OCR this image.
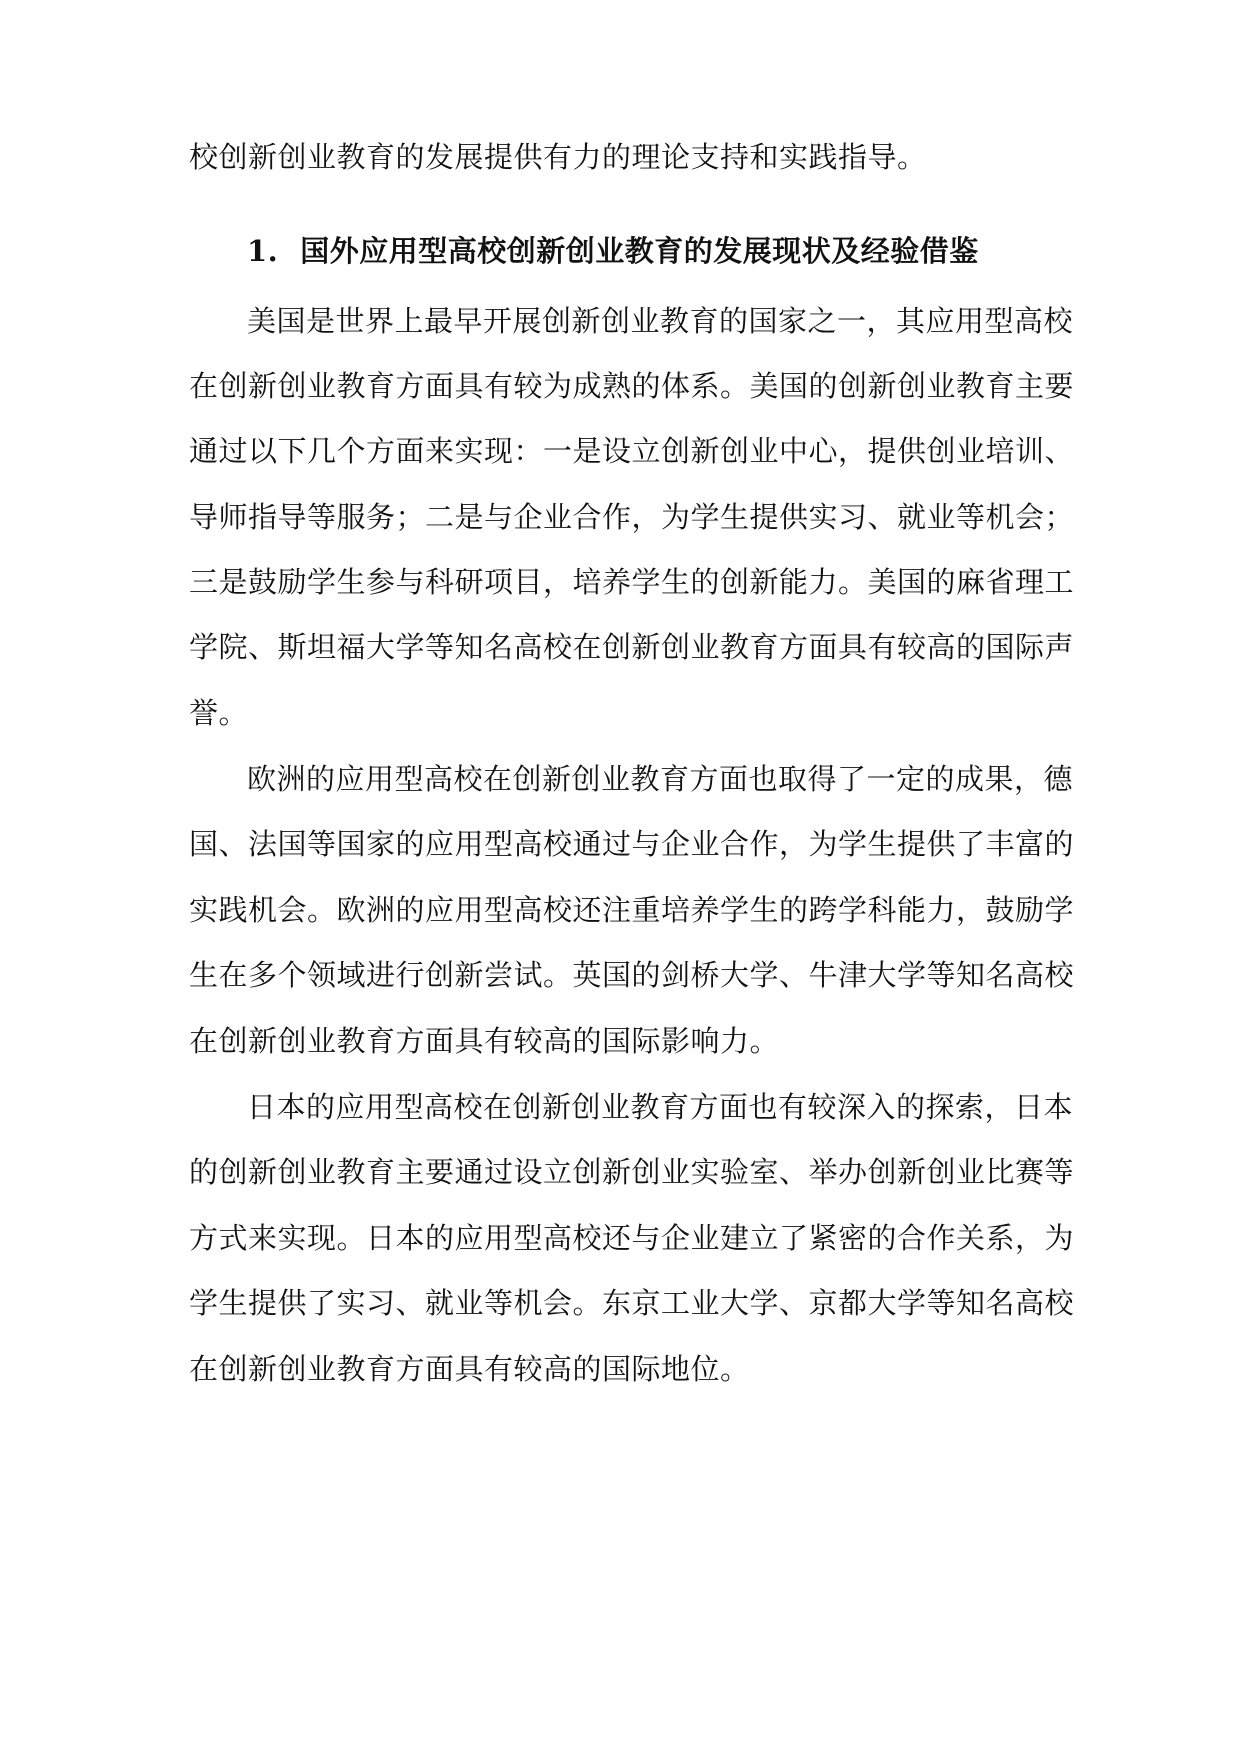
校创新创业教育的发展提供有力的理论支持和实践指导。
1. 国外应用型高校创新创业教育的发展现状及经验借鉴
美国是世界上最早开展创新创业教育的国家之一，其应用型高校
在创新创业教育方面具有较为成熟的体系。美国的创新创业教育主要
通过以下几个方面来实现：一是设立创新创业中心，提供创业培训、
导师指导等服务；二是与企业合作，为学生提供实习、就业等机会；
三是鼓励学生参与科研项目，培养学生的创新能力。美国的麻省理工
学院、斯坦福大学等知名高校在创新创业教育方面具有较高的国际声
誉。
欧洲的应用型高校在创新创业教育方面也取得了一定的成果，德
国、法国等国家的应用型高校通过与企业合作，为学生提供了丰富的
实践机会。欧洲的应用型高校还注重培养学生的跨学科能力，鼓励学
生在多个领域进行创新尝试。英国的剑桥大学、牛津大学等知名高校
在创新创业教育方面具有较高的国际影响力。
日本的应用型高校在创新创业教育方面也有较深入的探索，日本
的创新创业教育主要通过设立创新创业实验室、举办创新创业比赛等
方式来实现。日本的应用型高校还与企业建立了紧密的合作关系，为
学生提供了实习、就业等机会。东京工业大学、京都大学等知名高校
在创新创业教育方面具有较高的国际地位。
